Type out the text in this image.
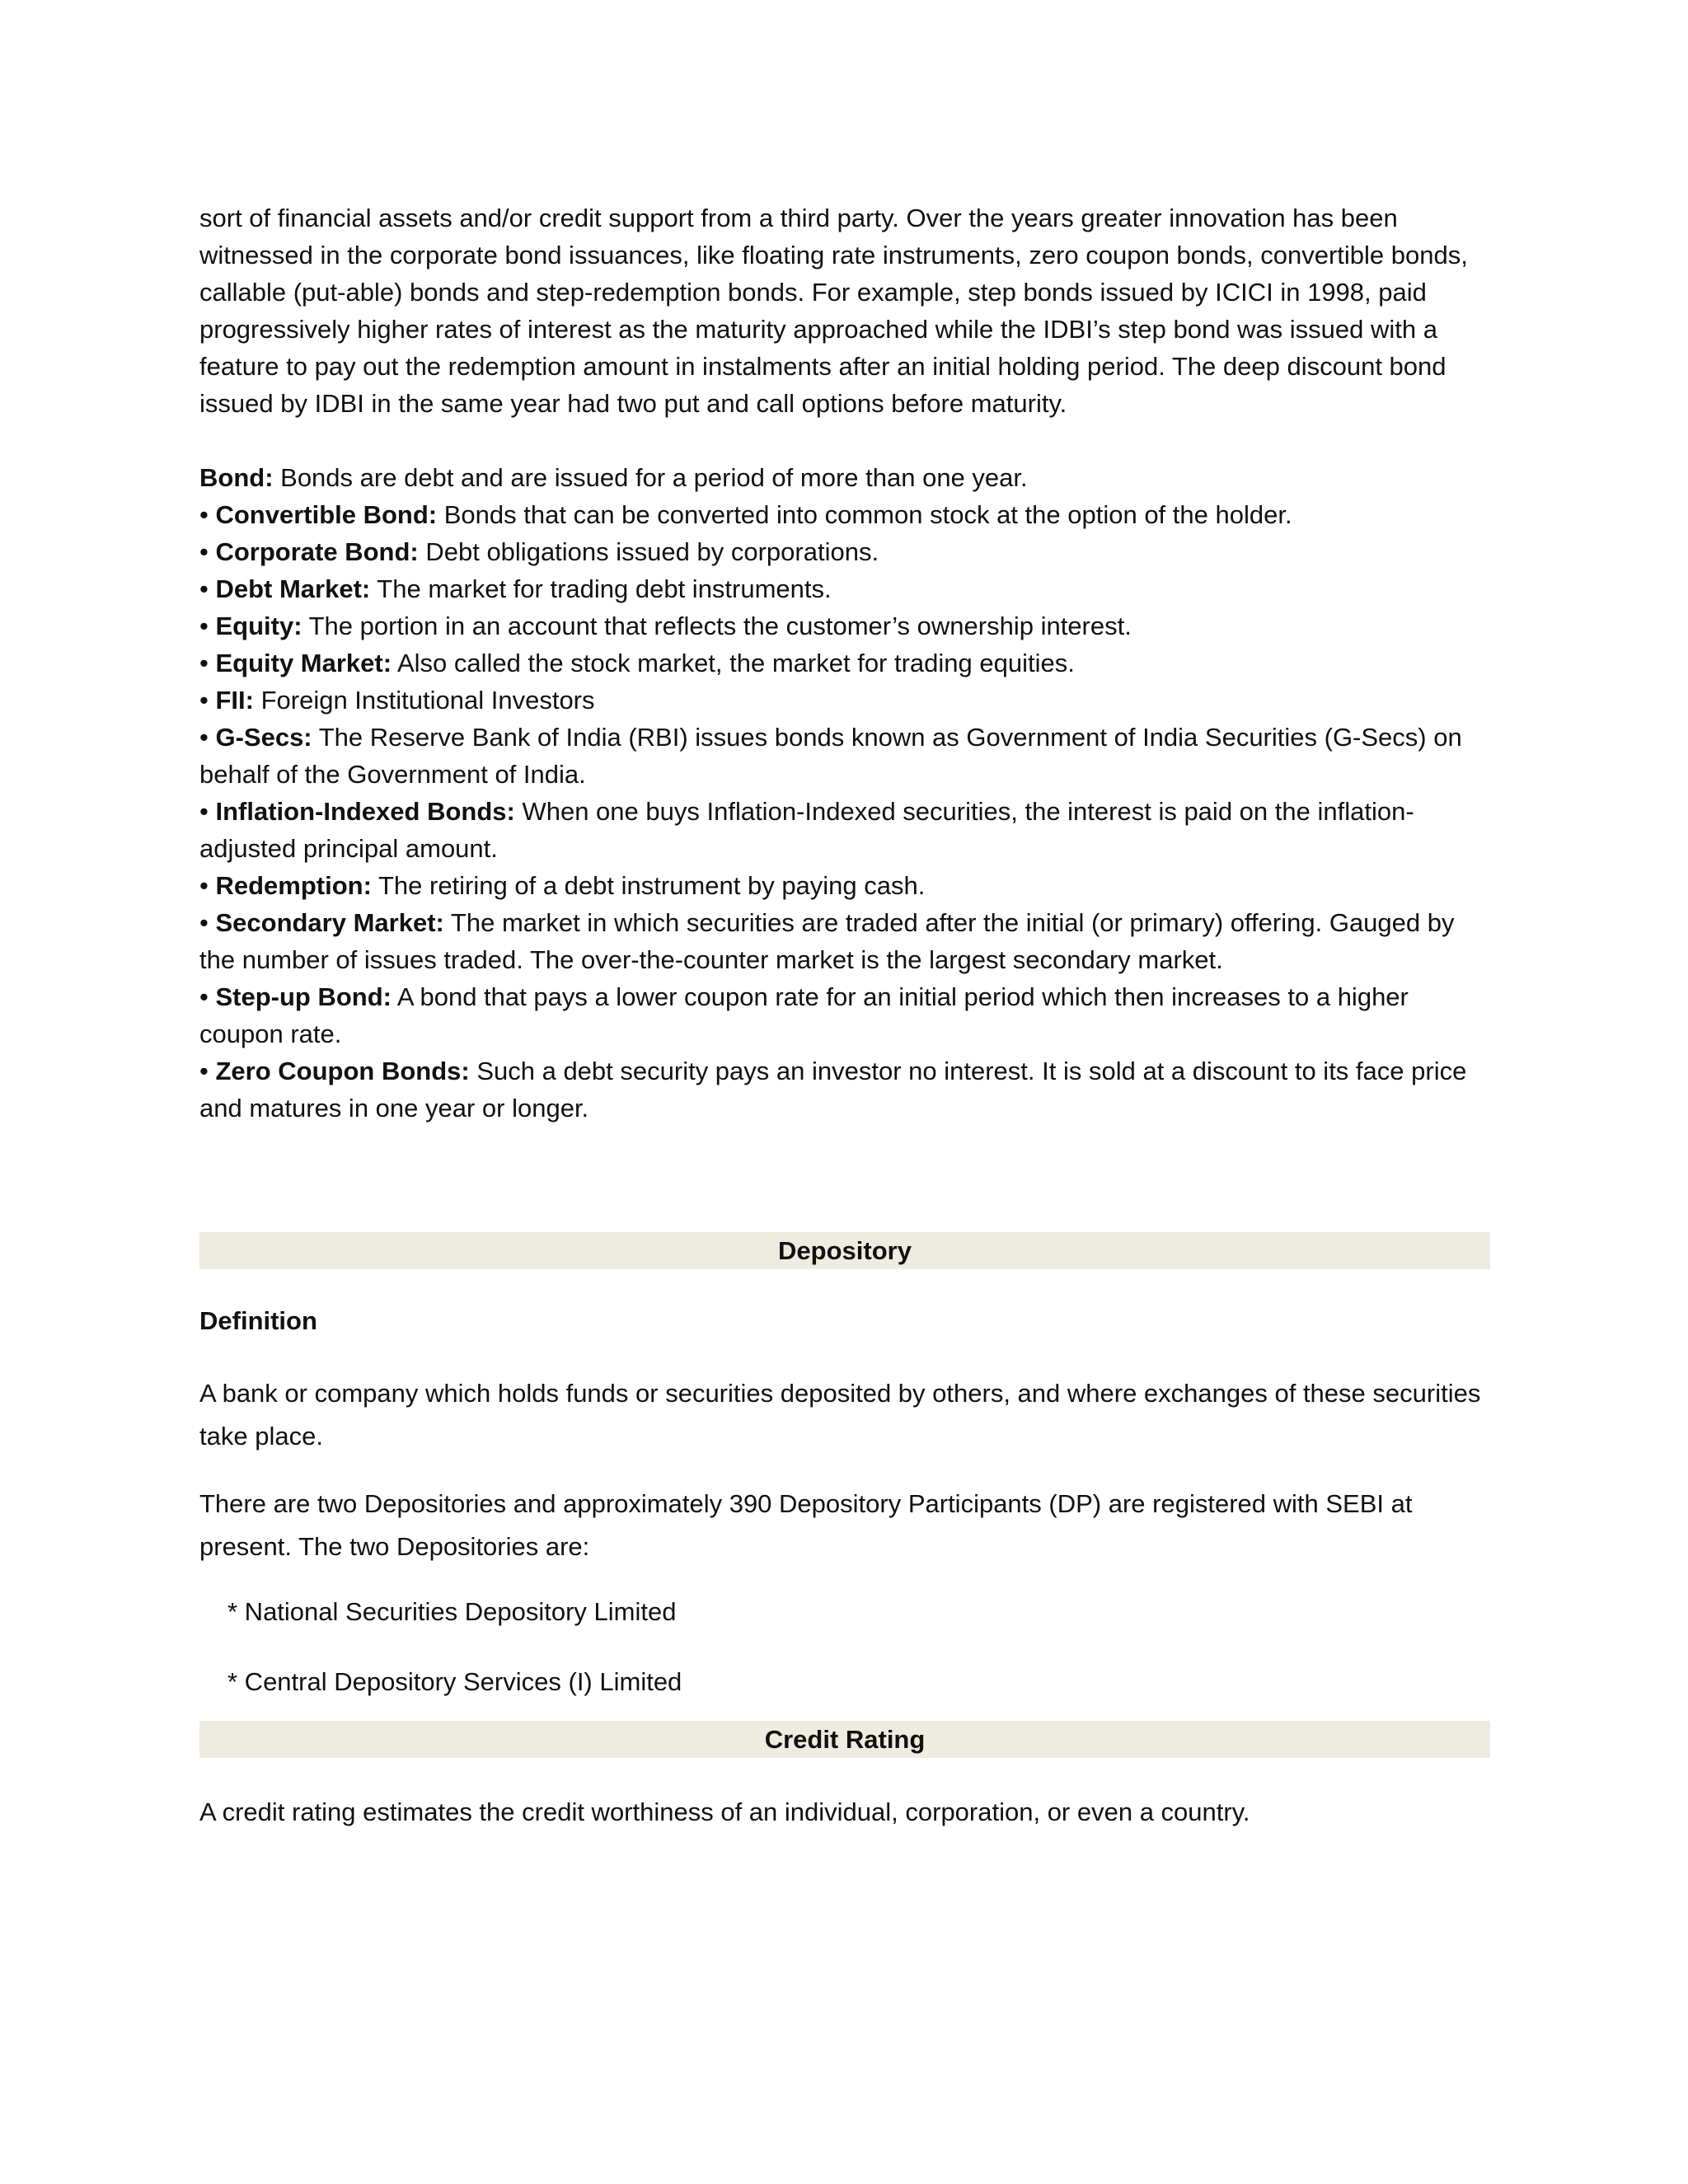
sort of financial assets and/or credit support from a third party. Over the years greater innovation has been witnessed in the corporate bond issuances, like floating rate instruments, zero coupon bonds, convertible bonds, callable (put-able) bonds and step-redemption bonds. For example, step bonds issued by ICICI in 1998, paid progressively higher rates of interest as the maturity approached while the IDBI’s step bond was issued with a feature to pay out the redemption amount in instalments after an initial holding period. The deep discount bond issued by IDBI in the same year had two put and call options before maturity.

Bond: Bonds are debt and are issued for a period of more than one year.
• Convertible Bond: Bonds that can be converted into common stock at the option of the holder.
• Corporate Bond: Debt obligations issued by corporations.
• Debt Market: The market for trading debt instruments.
• Equity: The portion in an account that reflects the customer’s ownership interest.
• Equity Market: Also called the stock market, the market for trading equities.
• FII: Foreign Institutional Investors
• G-Secs: The Reserve Bank of India (RBI) issues bonds known as Government of India Securities (G-Secs) on behalf of the Government of India.
• Inflation-Indexed Bonds: When one buys Inflation-Indexed securities, the interest is paid on the inflation-adjusted principal amount.
• Redemption: The retiring of a debt instrument by paying cash.
• Secondary Market: The market in which securities are traded after the initial (or primary) offering. Gauged by the number of issues traded. The over-the-counter market is the largest secondary market.
• Step-up Bond: A bond that pays a lower coupon rate for an initial period which then increases to a higher coupon rate.
• Zero Coupon Bonds: Such a debt security pays an investor no interest. It is sold at a discount to its face price and matures in one year or longer.
Depository
Definition

A bank or company which holds funds or securities deposited by others, and where exchanges of these securities take place.

There are two Depositories and approximately 390 Depository Participants (DP) are registered with SEBI at present. The two Depositories are:

* National Securities Depository Limited
* Central Depository Services (I) Limited
Credit Rating

A credit rating estimates the credit worthiness of an individual, corporation, or even a country.
